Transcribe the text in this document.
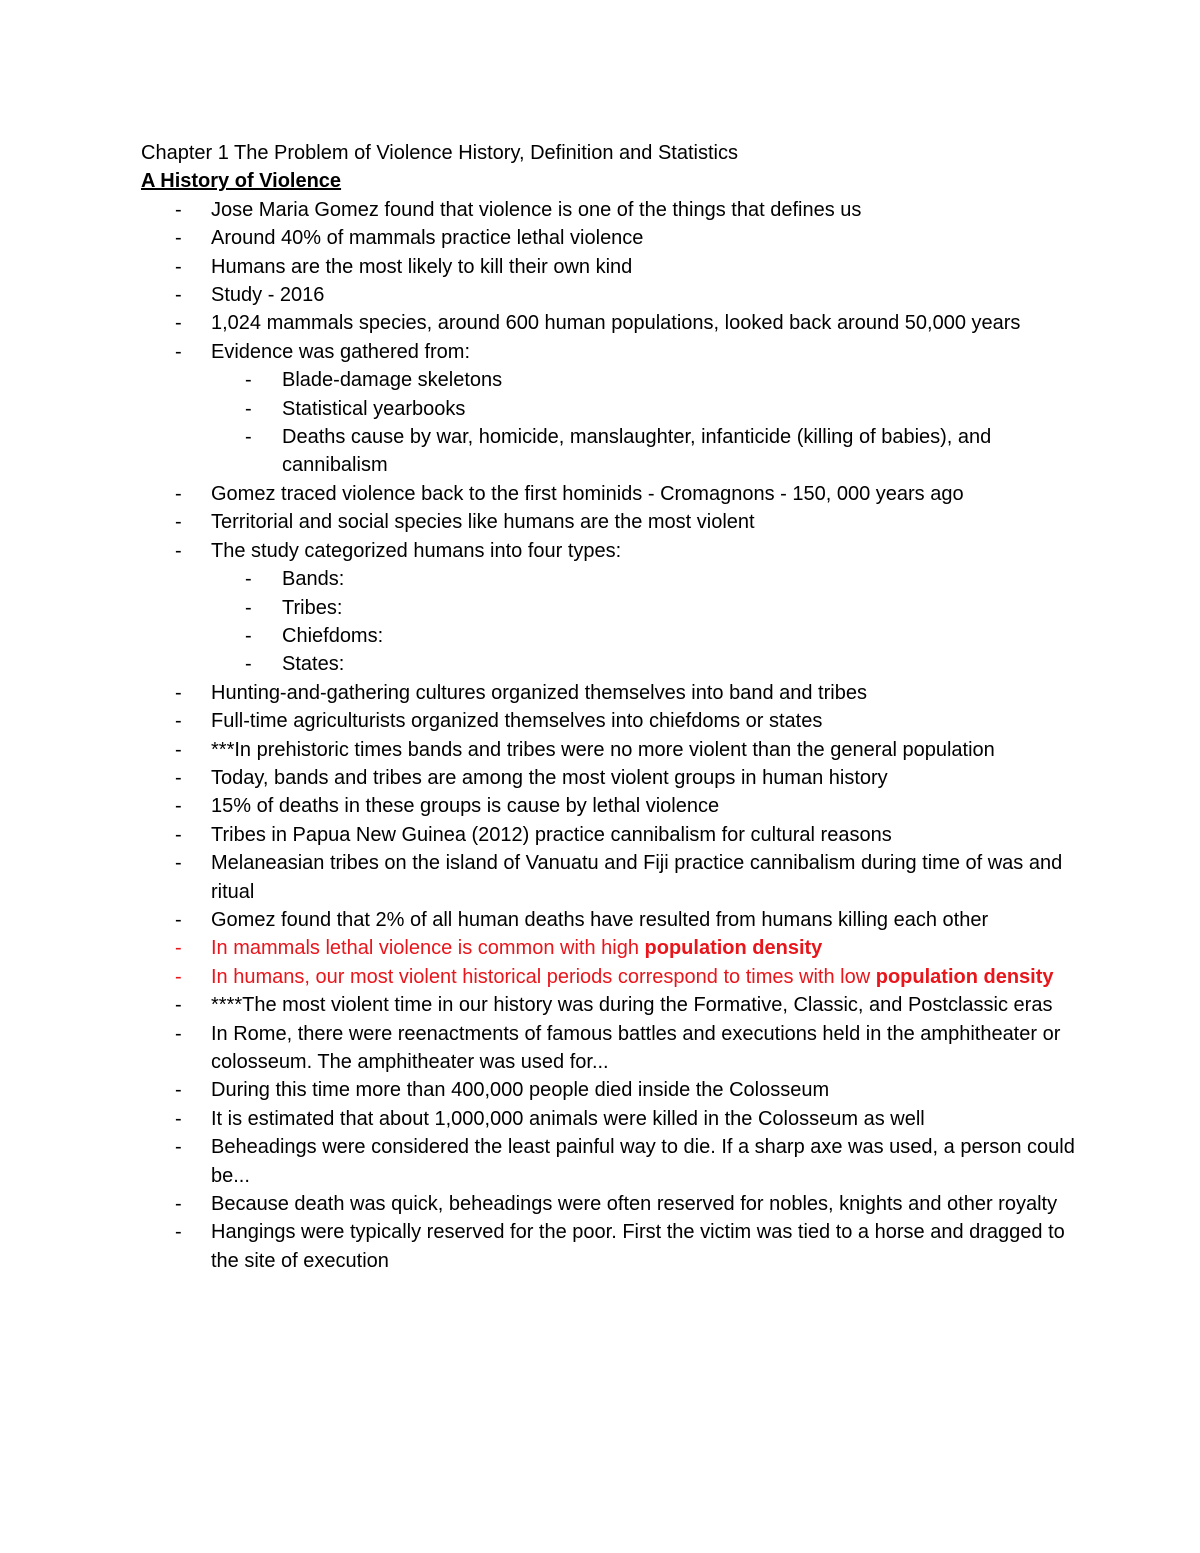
Chapter 1 The Problem of Violence History, Definition and Statistics
A History of Violence
- Jose Maria Gomez found that violence is one of the things that defines us
- Around 40% of mammals practice lethal violence
- Humans are the most likely to kill their own kind
- Study - 2016
- 1,024 mammals species, around 600 human populations, looked back around 50,000 years
- Evidence was gathered from:
- Blade-damage skeletons
- Statistical yearbooks
- Deaths cause by war, homicide, manslaughter, infanticide (killing of babies), and cannibalism
- Gomez traced violence back to the first hominids - Cromagnons - 150, 000 years ago
- Territorial and social species like humans are the most violent
- The study categorized humans into four types:
- Bands:
- Tribes:
- Chiefdoms:
- States:
- Hunting-and-gathering cultures organized themselves into band and tribes
- Full-time agriculturists organized themselves into chiefdoms or states
- ***In prehistoric times bands and tribes were no more violent than the general population
- Today, bands and tribes are among the most violent groups in human history
- 15% of deaths in these groups is cause by lethal violence
- Tribes in Papua New Guinea (2012) practice cannibalism for cultural reasons
- Melaneasian tribes on the island of Vanuatu and Fiji practice cannibalism during time of was and ritual
- Gomez found that 2% of all human deaths have resulted from humans killing each other
- In mammals lethal violence is common with high population density
- In humans, our most violent historical periods correspond to times with low population density
- ****The most violent time in our history was during the Formative, Classic, and Postclassic eras
- In Rome, there were reenactments of famous battles and executions held in the amphitheater or colosseum. The amphitheater was used for...
- During this time more than 400,000 people died inside the Colosseum
- It is estimated that about 1,000,000 animals were killed in the Colosseum as well
- Beheadings were considered the least painful way to die. If a sharp axe was used, a person could be...
- Because death was quick, beheadings were often reserved for nobles, knights and other royalty
- Hangings were typically reserved for the poor. First the victim was tied to a horse and dragged to the site of execution
